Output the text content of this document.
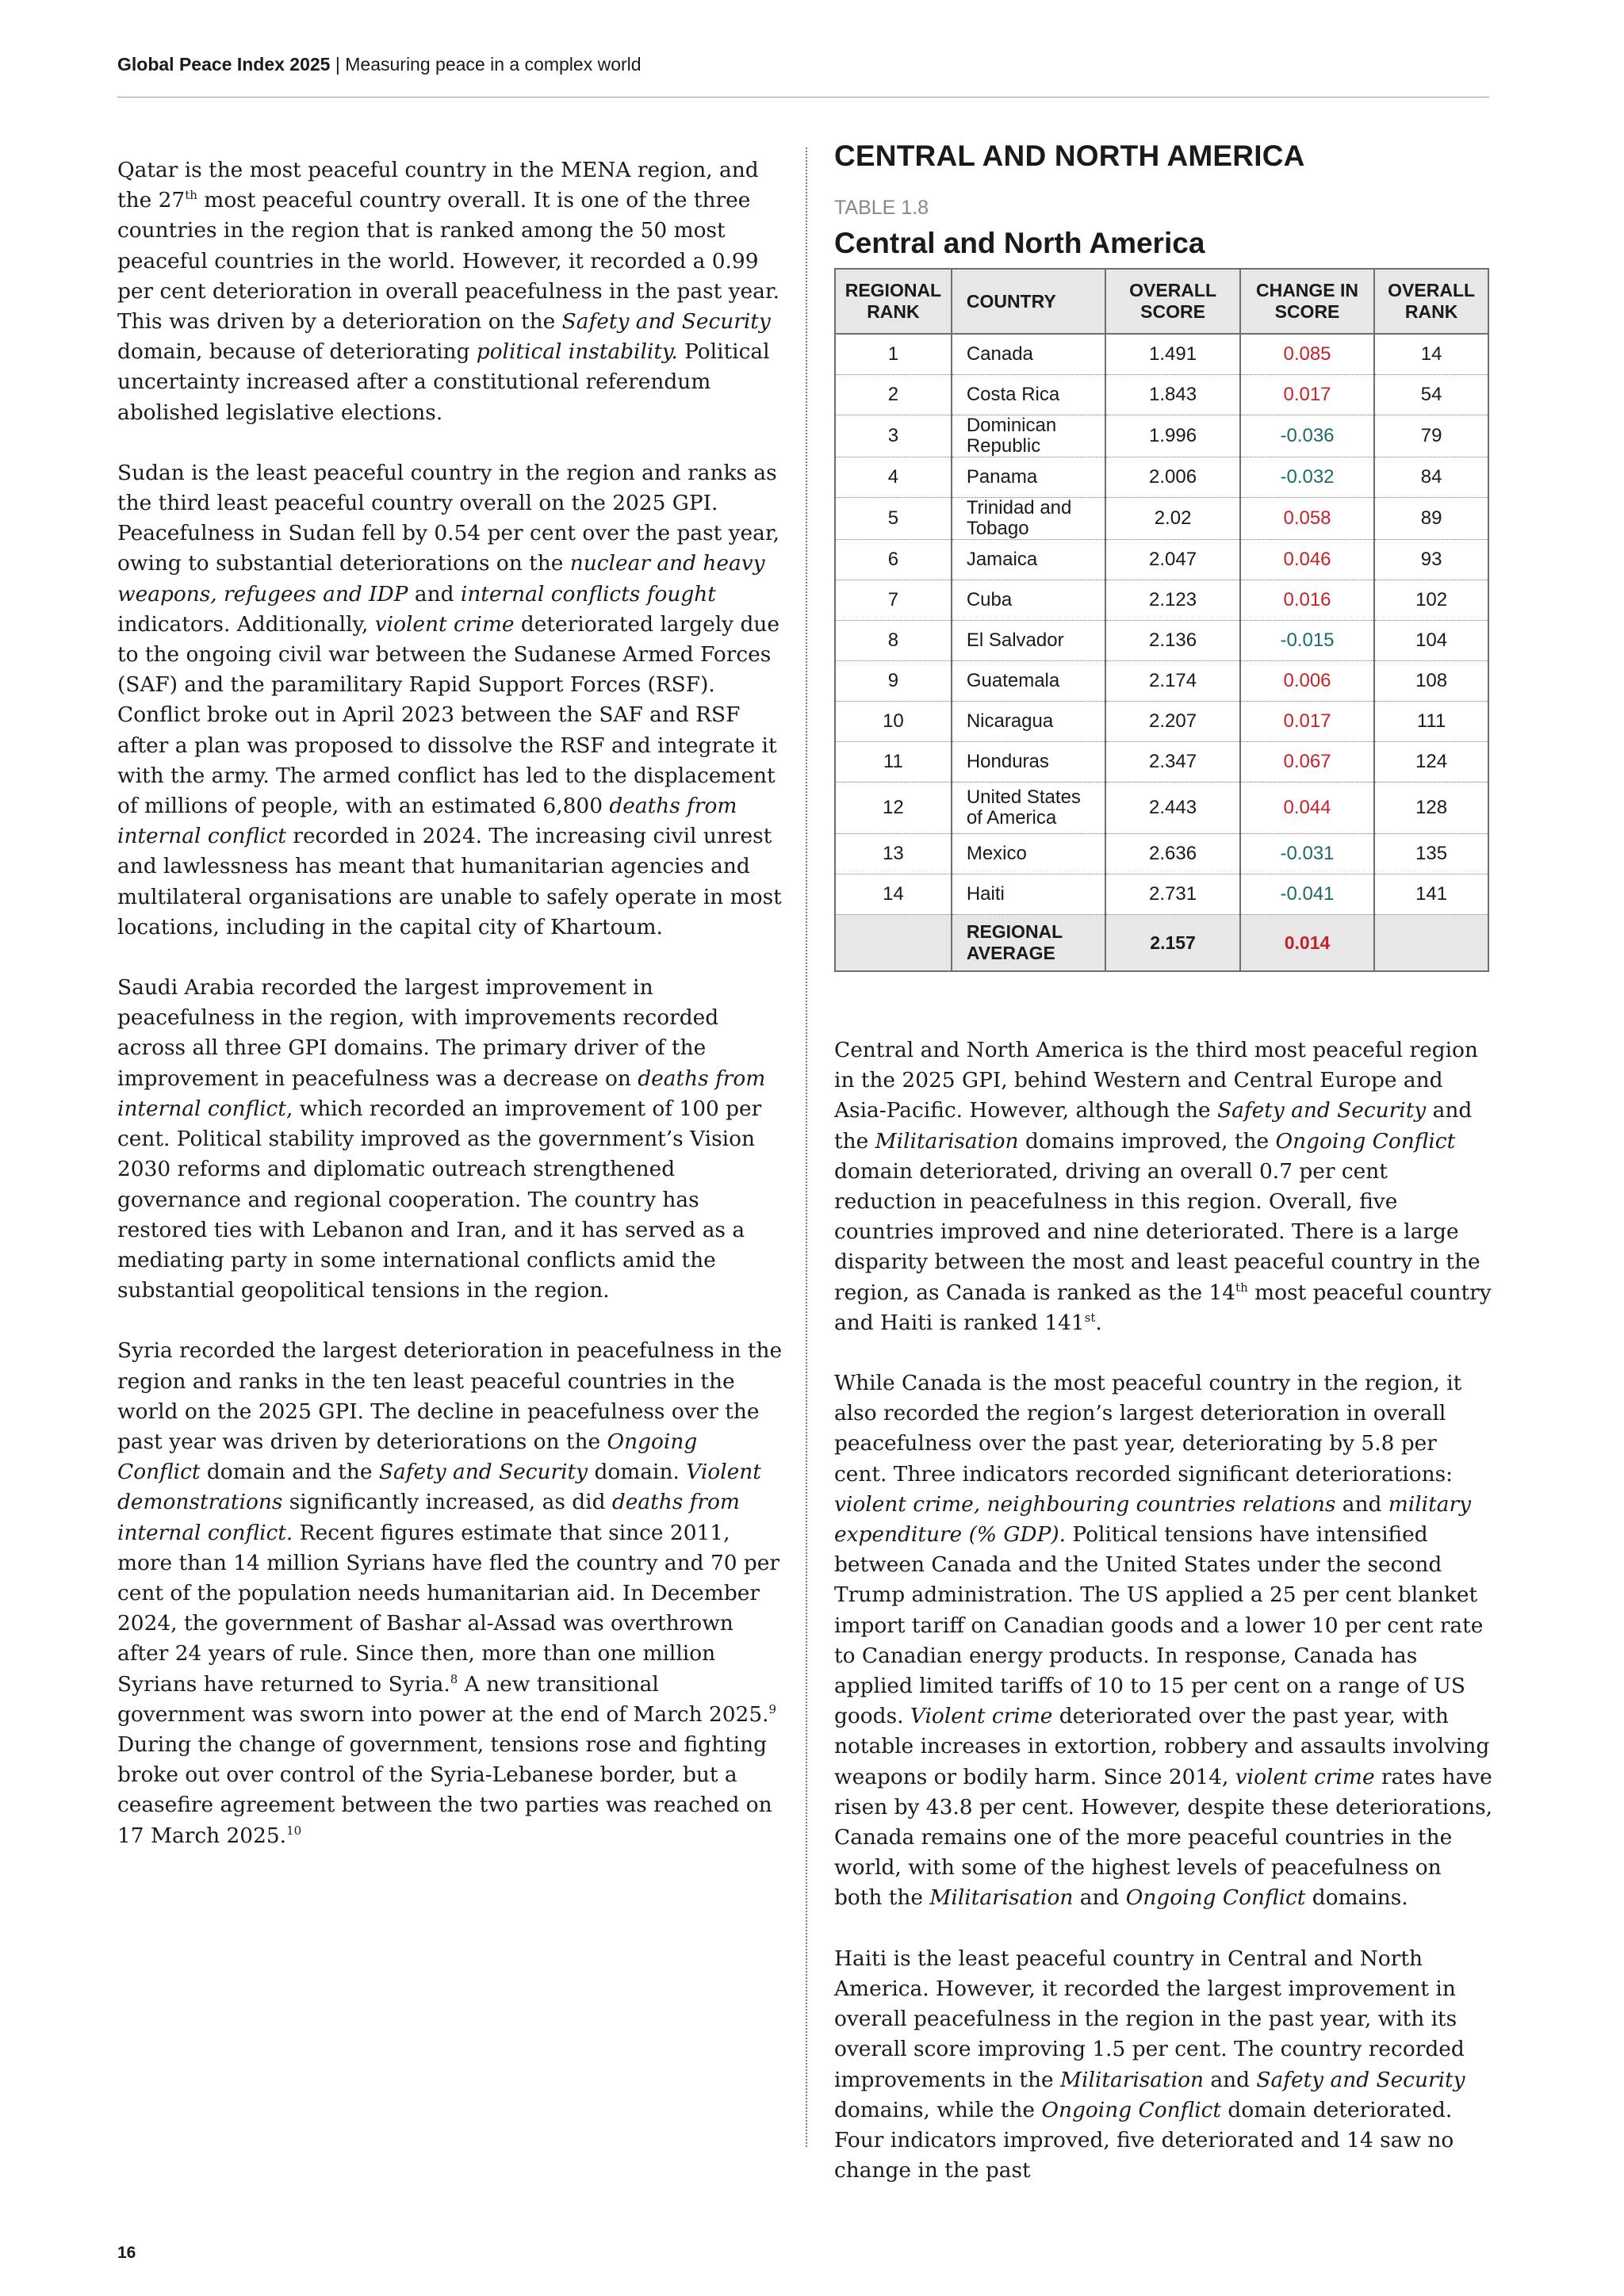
Global Peace Index 2025 | Measuring peace in a complex world

Qatar is the most peaceful country in the MENA region, and the 27th most peaceful country overall. It is one of the three countries in the region that is ranked among the 50 most peaceful countries in the world. However, it recorded a 0.99 per cent deterioration in overall peacefulness in the past year. This was driven by a deterioration on the Safety and Security domain, because of deteriorating political instability. Political uncertainty increased after a constitutional referendum abolished legislative elections.

Sudan is the least peaceful country in the region and ranks as the third least peaceful country overall on the 2025 GPI. Peacefulness in Sudan fell by 0.54 per cent over the past year, owing to substantial deteriorations on the nuclear and heavy weapons, refugees and IDP and internal conflicts fought indicators. Additionally, violent crime deteriorated largely due to the ongoing civil war between the Sudanese Armed Forces (SAF) and the paramilitary Rapid Support Forces (RSF). Conflict broke out in April 2023 between the SAF and RSF after a plan was proposed to dissolve the RSF and integrate it with the army. The armed conflict has led to the displacement of millions of people, with an estimated 6,800 deaths from internal conflict recorded in 2024. The increasing civil unrest and lawlessness has meant that humanitarian agencies and multilateral organisations are unable to safely operate in most locations, including in the capital city of Khartoum.

Saudi Arabia recorded the largest improvement in peacefulness in the region, with improvements recorded across all three GPI domains. The primary driver of the improvement in peacefulness was a decrease on deaths from internal conflict, which recorded an improvement of 100 per cent. Political stability improved as the government’s Vision 2030 reforms and diplomatic outreach strengthened governance and regional cooperation. The country has restored ties with Lebanon and Iran, and it has served as a mediating party in some international conflicts amid the substantial geopolitical tensions in the region.

Syria recorded the largest deterioration in peacefulness in the region and ranks in the ten least peaceful countries in the world on the 2025 GPI. The decline in peacefulness over the past year was driven by deteriorations on the Ongoing Conflict domain and the Safety and Security domain. Violent demonstrations significantly increased, as did deaths from internal conflict. Recent figures estimate that since 2011, more than 14 million Syrians have fled the country and 70 per cent of the population needs humanitarian aid. In December 2024, the government of Bashar al-Assad was overthrown after 24 years of rule. Since then, more than one million Syrians have returned to Syria.$^8$ A new transitional government was sworn into power at the end of March 2025.$^9$ During the change of government, tensions rose and fighting broke out over control of the Syria-Lebanese border, but a ceasefire agreement between the two parties was reached on 17 March 2025.10

CENTRAL AND NORTH AMERICA
TABLE 1.8
Central and North America
REGIONAL RANK	COUNTRY	OVERALL SCORE	CHANGE IN SCORE	OVERALL RANK
1	Canada	1.491	0.085	14
2	Costa Rica	1.843	0.017	54
3	Dominican Republic	1.996	-0.036	79
4	Panama	2.006	-0.032	84
5	Trinidad and Tobago	2.02	0.058	89
6	Jamaica	2.047	0.046	93
7	Cuba	2.123	0.016	102
8	El Salvador	2.136	-0.015	104
9	Guatemala	2.174	0.006	108
10	Nicaragua	2.207	0.017	111
11	Honduras	2.347	0.067	124
12	United States of America	2.443	0.044	128
13	Mexico	2.636	-0.031	135
14	Haiti	2.731	-0.041	141
	REGIONAL AVERAGE	2.157	0.014	

Central and North America is the third most peaceful region in the 2025 GPI, behind Western and Central Europe and Asia-Pacific. However, although the Safety and Security and the Militarisation domains improved, the Ongoing Conflict domain deteriorated, driving an overall 0.7 per cent reduction in peacefulness in this region. Overall, five countries improved and nine deteriorated. There is a large disparity between the most and least peaceful country in the region, as Canada is ranked as the 14th most peaceful country and Haiti is ranked 141st.

While Canada is the most peaceful country in the region, it also recorded the region’s largest deterioration in overall peacefulness over the past year, deteriorating by 5.8 per cent. Three indicators recorded significant deteriorations: violent crime, neighbouring countries relations and military expenditure (% GDP). Political tensions have intensified between Canada and the United States under the second Trump administration. The US applied a 25 per cent blanket import tariff on Canadian goods and a lower 10 per cent rate to Canadian energy products. In response, Canada has applied limited tariffs of 10 to 15 per cent on a range of US goods. Violent crime deteriorated over the past year, with notable increases in extortion, robbery and assaults involving weapons or bodily harm. Since 2014, violent crime rates have risen by 43.8 per cent. However, despite these deteriorations, Canada remains one of the more peaceful countries in the world, with some of the highest levels of peacefulness on both the Militarisation and Ongoing Conflict domains.

Haiti is the least peaceful country in Central and North America. However, it recorded the largest improvement in overall peacefulness in the region in the past year, with its overall score improving 1.5 per cent. The country recorded improvements in the Militarisation and Safety and Security domains, while the Ongoing Conflict domain deteriorated. Four indicators improved, five deteriorated and 14 saw no change in the past

16
